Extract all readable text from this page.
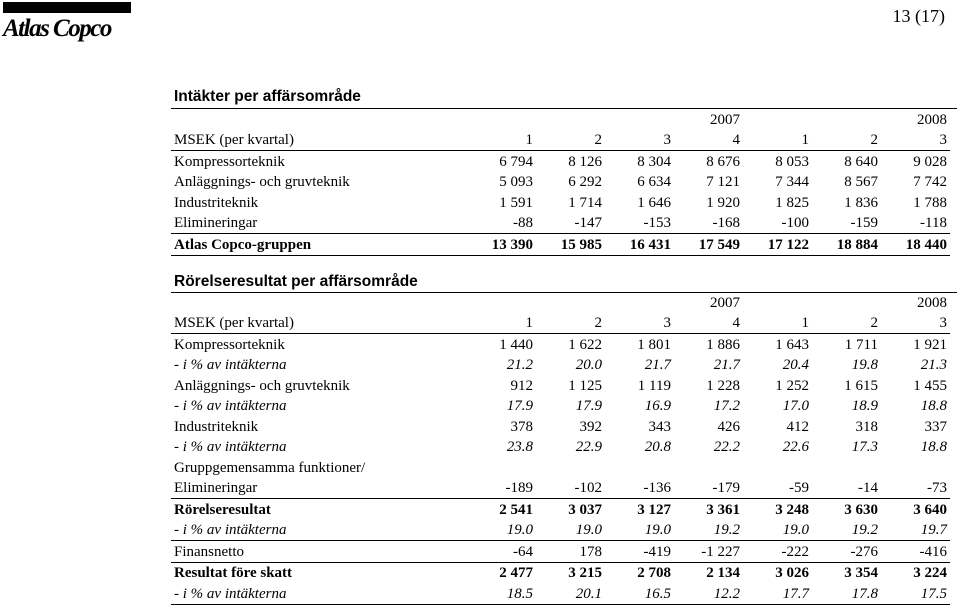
Atlas Copco	13 (17)
Intäkter per affärsområde
				2007			2008
MSEK (per kvartal)	1	2	3	4	1	2	3
Kompressorteknik	6 794	8 126	8 304	8 676	8 053	8 640	9 028
Anläggnings- och gruvteknik	5 093	6 292	6 634	7 121	7 344	8 567	7 742
Industriteknik	1 591	1 714	1 646	1 920	1 825	1 836	1 788
Elimineringar	-88	-147	-153	-168	-100	-159	-118
Atlas Copco-gruppen	13 390	15 985	16 431	17 549	17 122	18 884	18 440
Rörelseresultat per affärsområde
				2007			2008
MSEK (per kvartal)	1	2	3	4	1	2	3
Kompressorteknik	1 440	1 622	1 801	1 886	1 643	1 711	1 921
- i % av intäkterna	21.2	20.0	21.7	21.7	20.4	19.8	21.3
Anläggnings- och gruvteknik	912	1 125	1 119	1 228	1 252	1 615	1 455
- i % av intäkterna	17.9	17.9	16.9	17.2	17.0	18.9	18.8
Industriteknik	378	392	343	426	412	318	337
- i % av intäkterna	23.8	22.9	20.8	22.2	22.6	17.3	18.8
Gruppgemensamma funktioner/							
Elimineringar	-189	-102	-136	-179	-59	-14	-73
Rörelseresultat	2 541	3 037	3 127	3 361	3 248	3 630	3 640
- i % av intäkterna	19.0	19.0	19.0	19.2	19.0	19.2	19.7
Finansnetto	-64	178	-419	-1 227	-222	-276	-416
Resultat före skatt	2 477	3 215	2 708	2 134	3 026	3 354	3 224
- i % av intäkterna	18.5	20.1	16.5	12.2	17.7	17.8	17.5
